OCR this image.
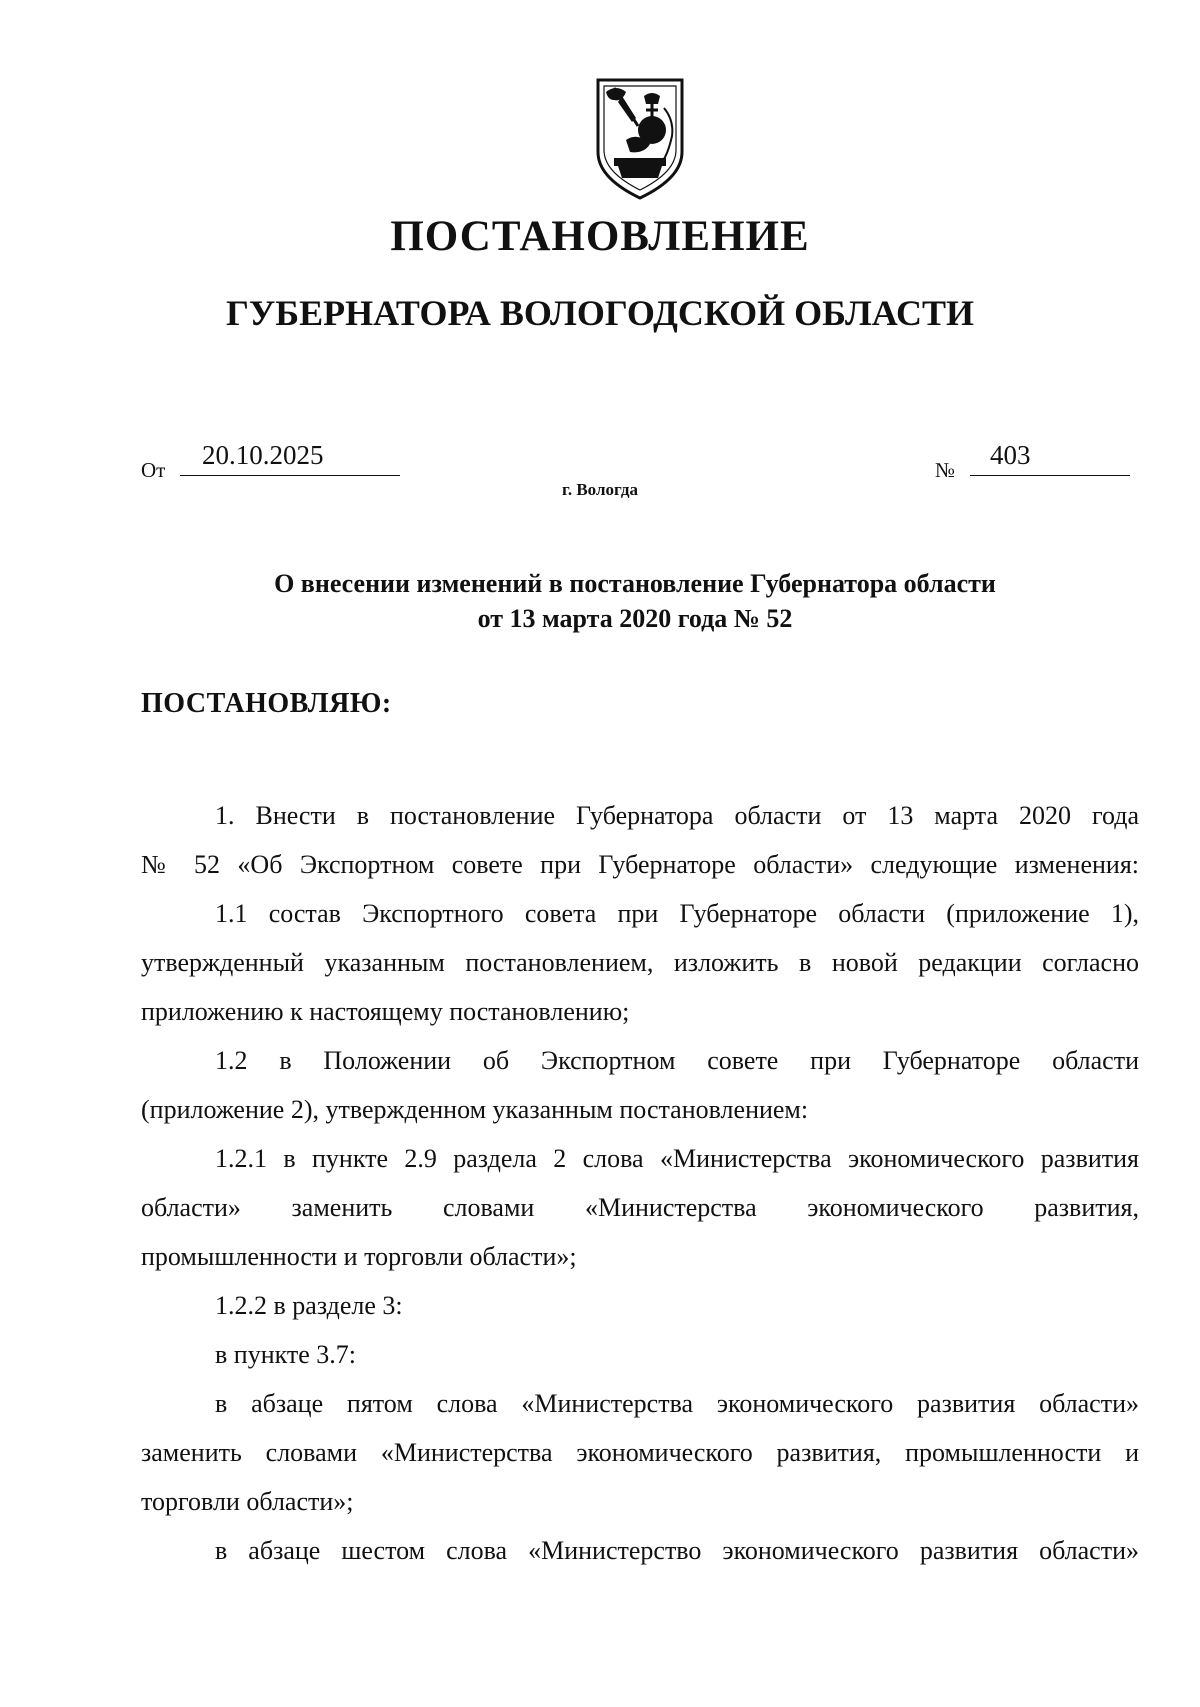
ПОСТАНОВЛЕНИЕ
ГУБЕРНАТОРА ВОЛОГОДСКОЙ ОБЛАСТИ
От 20.10.2025	№ 403
г. Вологда
О внесении изменений в постановление Губернатора области
от 13 марта 2020 года № 52
ПОСТАНОВЛЯЮ:
1. Внести в постановление Губернатора области от 13 марта 2020 года
№ 52 «Об Экспортном совете при Губернаторе области» следующие изменения:
1.1 состав Экспортного совета при Губернаторе области (приложение 1),
утвержденный указанным постановлением, изложить в новой редакции согласно
приложению к настоящему постановлению;
1.2 в Положении об Экспортном совете при Губернаторе области
(приложение 2), утвержденном указанным постановлением:
1.2.1 в пункте 2.9 раздела 2 слова «Министерства экономического развития
области» заменить словами «Министерства экономического развития,
промышленности и торговли области»;
1.2.2 в разделе 3:
в пункте 3.7:
в абзаце пятом слова «Министерства экономического развития области»
заменить словами «Министерства экономического развития, промышленности и
торговли области»;
в абзаце шестом слова «Министерство экономического развития области»
